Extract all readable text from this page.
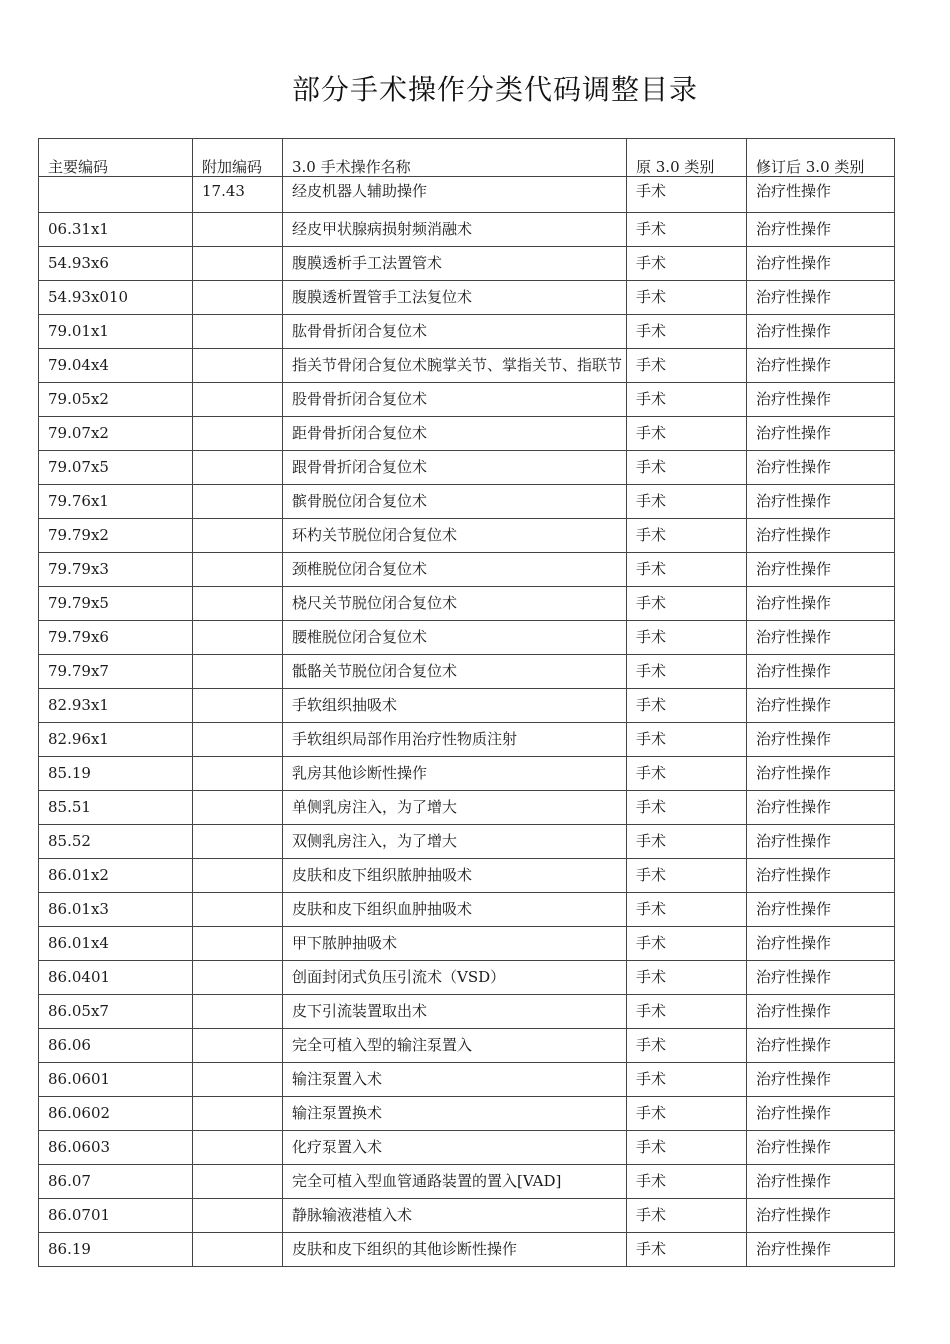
部分手术操作分类代码调整目录
主要编码	附加编码	3.0 手术操作名称	原 3.0 类别	修订后 3.0 类别
	17.43	经皮机器人辅助操作	手术	治疗性操作
06.31x1		经皮甲状腺病损射频消融术	手术	治疗性操作
54.93x6		腹膜透析手工法置管术	手术	治疗性操作
54.93x010		腹膜透析置管手工法复位术	手术	治疗性操作
79.01x1		肱骨骨折闭合复位术	手术	治疗性操作
79.04x4		指关节骨闭合复位术腕掌关节、掌指关节、指联节	手术	治疗性操作
79.05x2		股骨骨折闭合复位术	手术	治疗性操作
79.07x2		距骨骨折闭合复位术	手术	治疗性操作
79.07x5		跟骨骨折闭合复位术	手术	治疗性操作
79.76x1		髌骨脱位闭合复位术	手术	治疗性操作
79.79x2		环杓关节脱位闭合复位术	手术	治疗性操作
79.79x3		颈椎脱位闭合复位术	手术	治疗性操作
79.79x5		桡尺关节脱位闭合复位术	手术	治疗性操作
79.79x6		腰椎脱位闭合复位术	手术	治疗性操作
79.79x7		骶骼关节脱位闭合复位术	手术	治疗性操作
82.93x1		手软组织抽吸术	手术	治疗性操作
82.96x1		手软组织局部作用治疗性物质注射	手术	治疗性操作
85.19		乳房其他诊断性操作	手术	治疗性操作
85.51		单侧乳房注入，为了增大	手术	治疗性操作
85.52		双侧乳房注入，为了增大	手术	治疗性操作
86.01x2		皮肤和皮下组织脓肿抽吸术	手术	治疗性操作
86.01x3		皮肤和皮下组织血肿抽吸术	手术	治疗性操作
86.01x4		甲下脓肿抽吸术	手术	治疗性操作
86.0401		创面封闭式负压引流术（VSD）	手术	治疗性操作
86.05x7		皮下引流装置取出术	手术	治疗性操作
86.06		完全可植入型的输注泵置入	手术	治疗性操作
86.0601		输注泵置入术	手术	治疗性操作
86.0602		输注泵置换术	手术	治疗性操作
86.0603		化疗泵置入术	手术	治疗性操作
86.07		完全可植入型血管通路装置的置入[VAD]	手术	治疗性操作
86.0701		静脉输液港植入术	手术	治疗性操作
86.19		皮肤和皮下组织的其他诊断性操作	手术	治疗性操作
